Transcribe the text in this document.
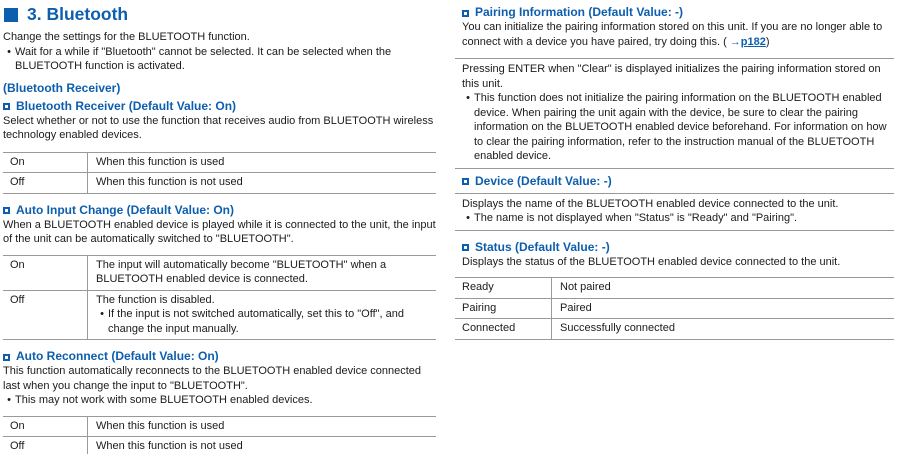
3. Bluetooth

Change the settings for the BLUETOOTH function.

• Wait for a while if "Bluetooth" cannot be selected. It can be selected when the BLUETOOTH function is activated.
(Bluetooth Receiver)
Bluetooth Receiver (Default Value: On)

Select whether or not to use the function that receives audio from BLUETOOTH wireless technology enabled devices.

On	When this function is used
Off	When this function is not used
Auto Input Change (Default Value: On)

When a BLUETOOTH enabled device is played while it is connected to the unit, the input of the unit can be automatically switched to "BLUETOOTH".

On	The input will automatically become "BLUETOOTH" when a BLUETOOTH enabled device is connected.
Off	The function is disabled.
• If the input is not switched automatically, set this to "Off", and change the input manually.
Auto Reconnect (Default Value: On)

This function automatically reconnects to the BLUETOOTH enabled device connected last when you change the input to "BLUETOOTH".

• This may not work with some BLUETOOTH enabled devices.
On	When this function is used
Off	When this function is not used
Pairing Information (Default Value: -)

You can initialize the pairing information stored on this unit. If you are no longer able to connect with a device you have paired, try doing this. ( →p182)

Pressing ENTER when "Clear" is displayed initializes the pairing information stored on this unit.
• This function does not initialize the pairing information on the BLUETOOTH enabled device. When pairing the unit again with the device, be sure to clear the pairing information on the BLUETOOTH enabled device beforehand. For information on how to clear the pairing information, refer to the instruction manual of the BLUETOOTH enabled device.
Device (Default Value: -)
Displays the name of the BLUETOOTH enabled device connected to the unit.
• The name is not displayed when "Status" is "Ready" and "Pairing".
Status (Default Value: -)

Displays the status of the BLUETOOTH enabled device connected to the unit.

Ready	Not paired
Pairing	Paired
Connected	Successfully connected
